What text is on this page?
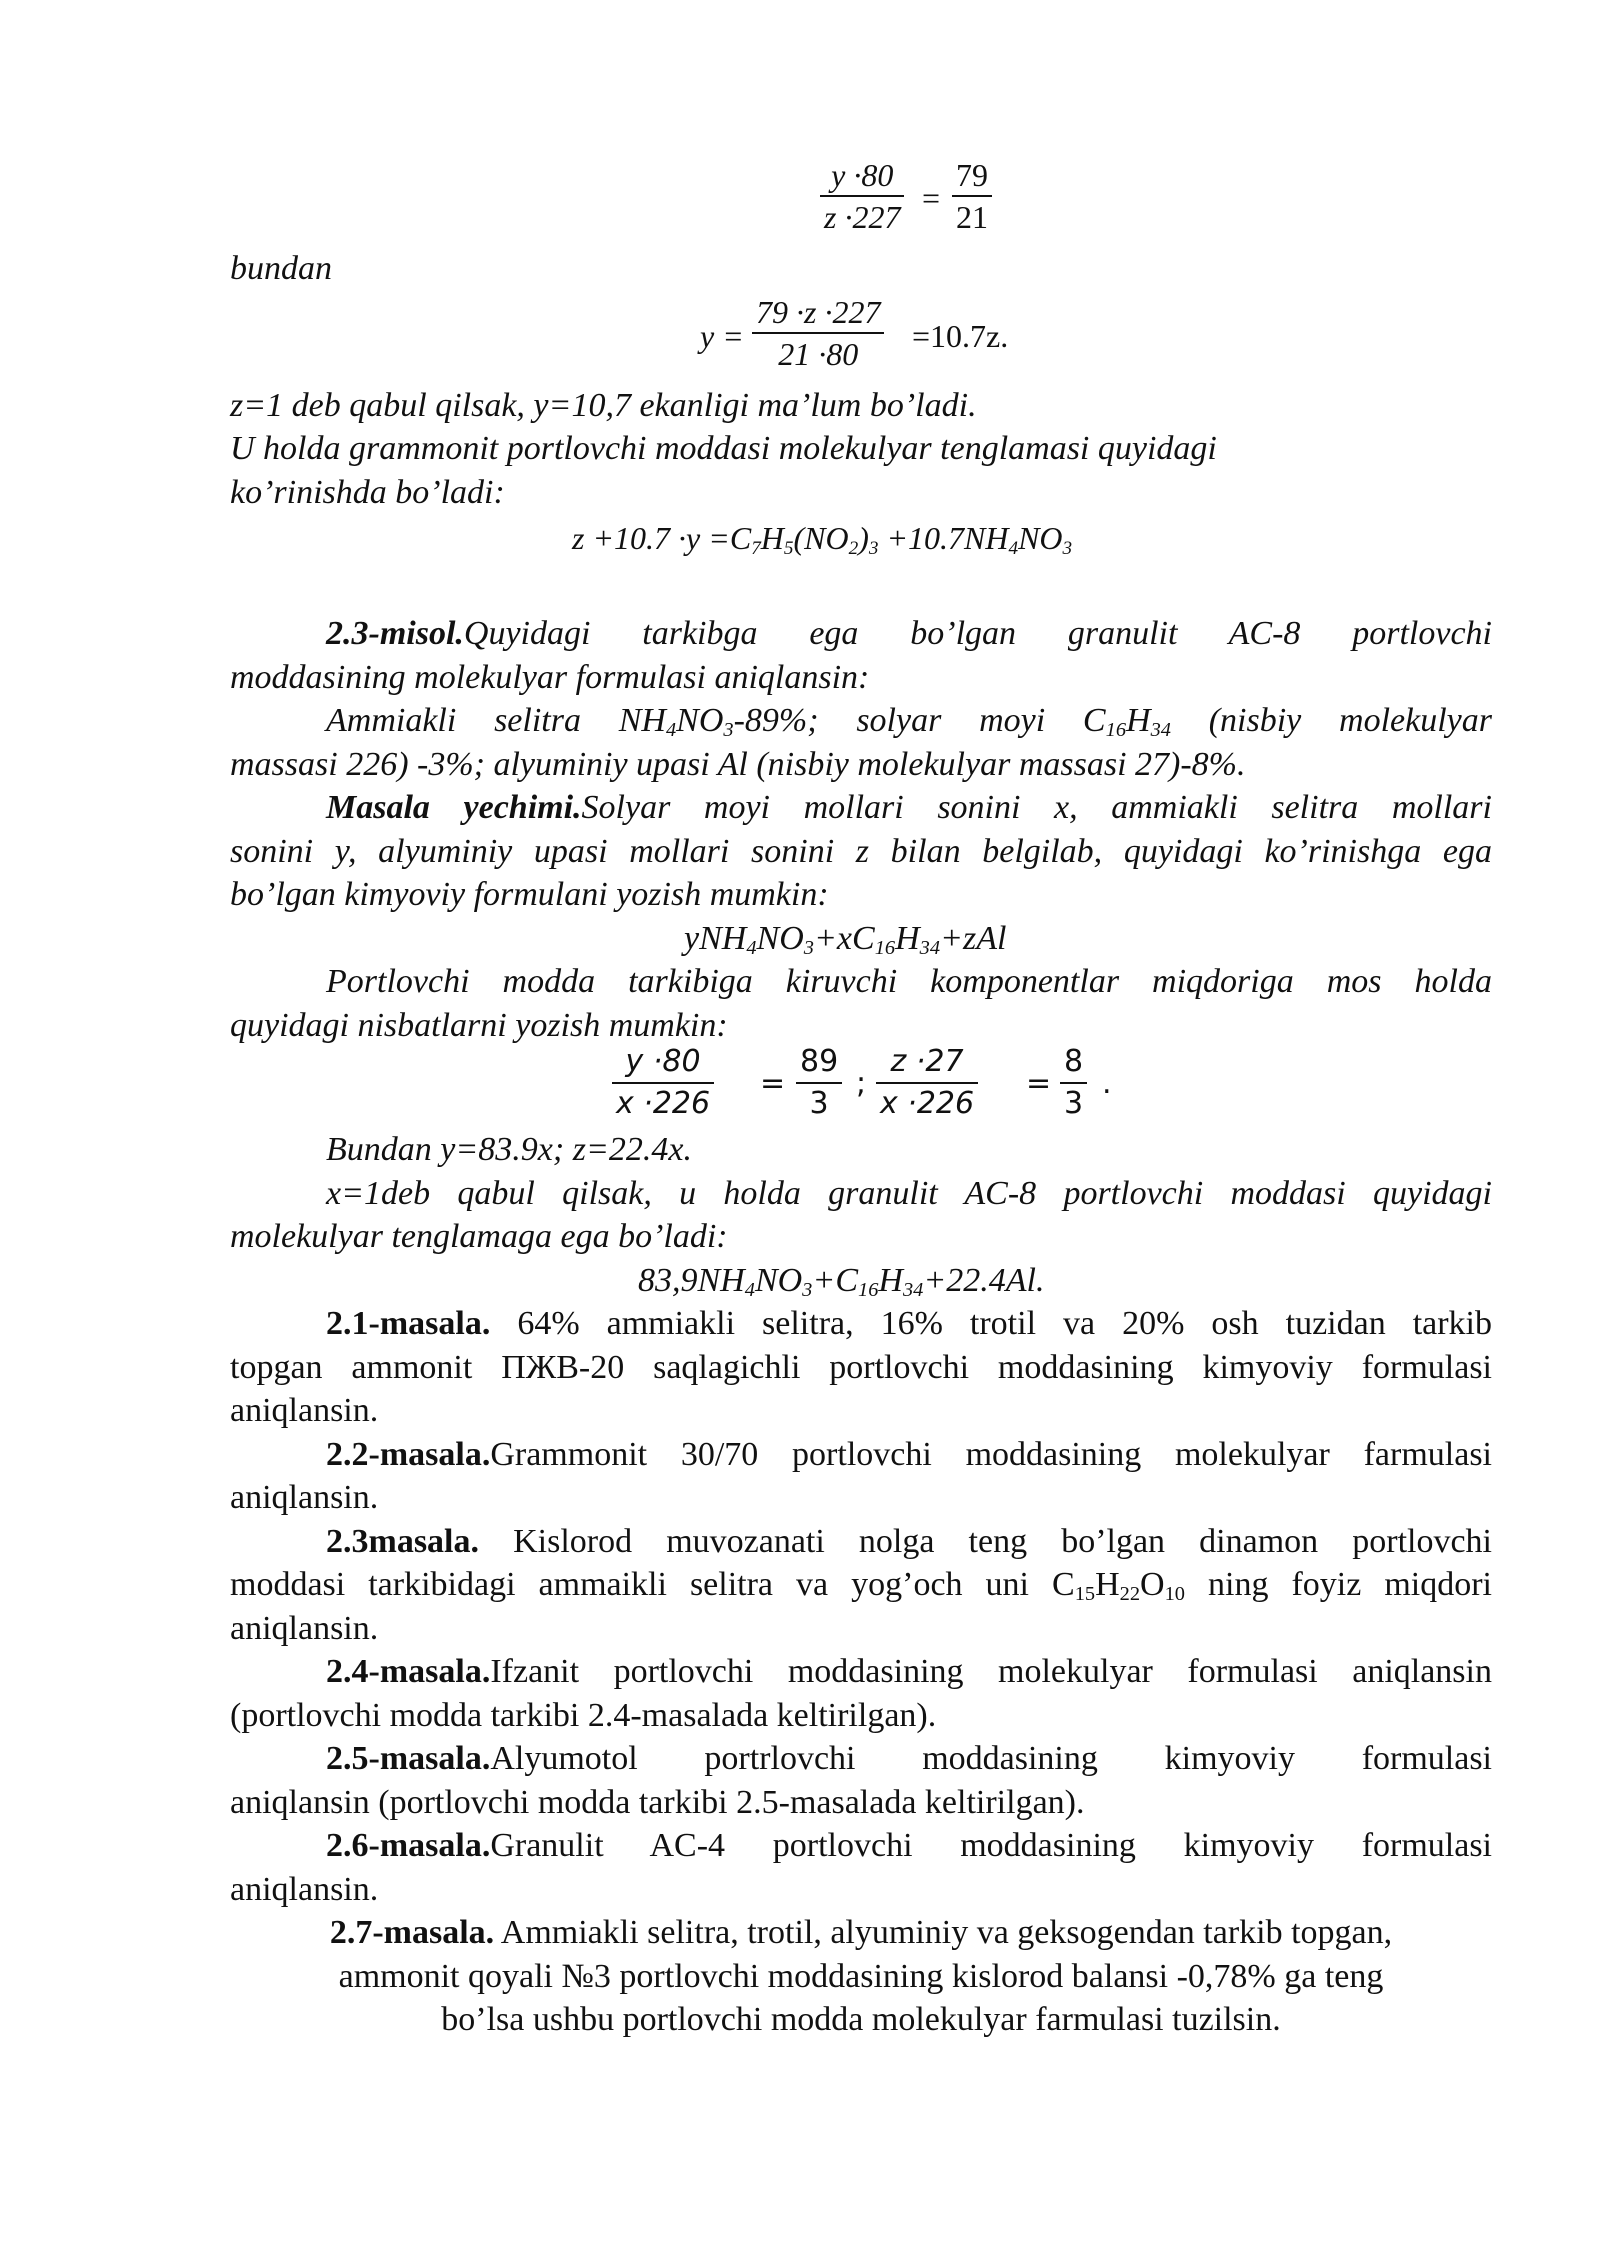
y ·80
z ·227
=
79
21
bundan
y =
79 ·z ·227
21 ·80	=10.7z.
z=1 deb qabul qilsak, y=10,7 ekanligi ma’lum bo’ladi.
U holda grammonit portlovchi moddasi molekulyar tenglamasi quyidagi
ko’rinishda bo’ladi:
$z +10.7 \cdot y =C_7H_5(NO_2)_3 +10.7NH_4NO_3$
2.3-misol.Quyidagi tarkibga ega bo’lgan granulit AC-8 portlovchi
moddasining molekulyar formulasi aniqlansin:
Ammiakli selitra $NH_4NO_3-89\%$; solyar moyi $C_{16}H_{34}$ (nisbiy molekulyar
massasi 226) -3%; alyuminiy upasi Al (nisbiy molekulyar massasi 27)-8%.
Masala yechimi.Solyar moyi mollari sonini x, ammiakli selitra mollari
sonini y, alyuminiy upasi mollari sonini z bilan belgilab, quyidagi ko’rinishga ega
bo’lgan kimyoviy formulani yozish mumkin:
$yNH_4NO_3+xC_{16}H_{34}+zAl$
Portlovchi modda tarkibiga kiruvchi komponentlar miqdoriga mos holda
quyidagi nisbatlarni yozish mumkin:
y ·80
x ·226
=
89
3
;
z ·27
x ·226
=
8
3
.
Bundan y=83.9x; z=22.4x.
x=1deb qabul qilsak, u holda granulit AC-8 portlovchi moddasi quyidagi
molekulyar tenglamaga ega bo’ladi:
$83,9NH_4NO_3+C_{16}H_{34}+22.4Al$.
2.1-masala. 64% ammiakli selitra, 16% trotil va 20% osh tuzidan tarkib
topgan ammonit ПЖВ-20 saqlagichli portlovchi moddasining kimyoviy formulasi
aniqlansin.
2.2-masala.Grammonit 30/70 portlovchi moddasining molekulyar farmulasi
aniqlansin.
2.3masala. Kislorod muvozanati nolga teng bo’lgan dinamon portlovchi
moddasi tarkibidagi ammaikli selitra va yog’och uni $C_{15}H_{22}O_{10}$ ning foyiz miqdori
aniqlansin.
2.4-masala.Ifzanit portlovchi moddasining molekulyar formulasi aniqlansin
(portlovchi modda tarkibi 2.4-masalada keltirilgan).
2.5-masala.Alyumotol portrlovchi moddasining kimyoviy formulasi
aniqlansin (portlovchi modda tarkibi 2.5-masalada keltirilgan).
2.6-masala.Granulit AC-4 portlovchi moddasining kimyoviy formulasi
aniqlansin.
2.7-masala. Ammiakli selitra, trotil, alyuminiy va geksogendan tarkib topgan,
ammonit qoyali №3 portlovchi moddasining kislorod balansi -0,78% ga teng
bo’lsa ushbu portlovchi modda molekulyar farmulasi tuzilsin.
